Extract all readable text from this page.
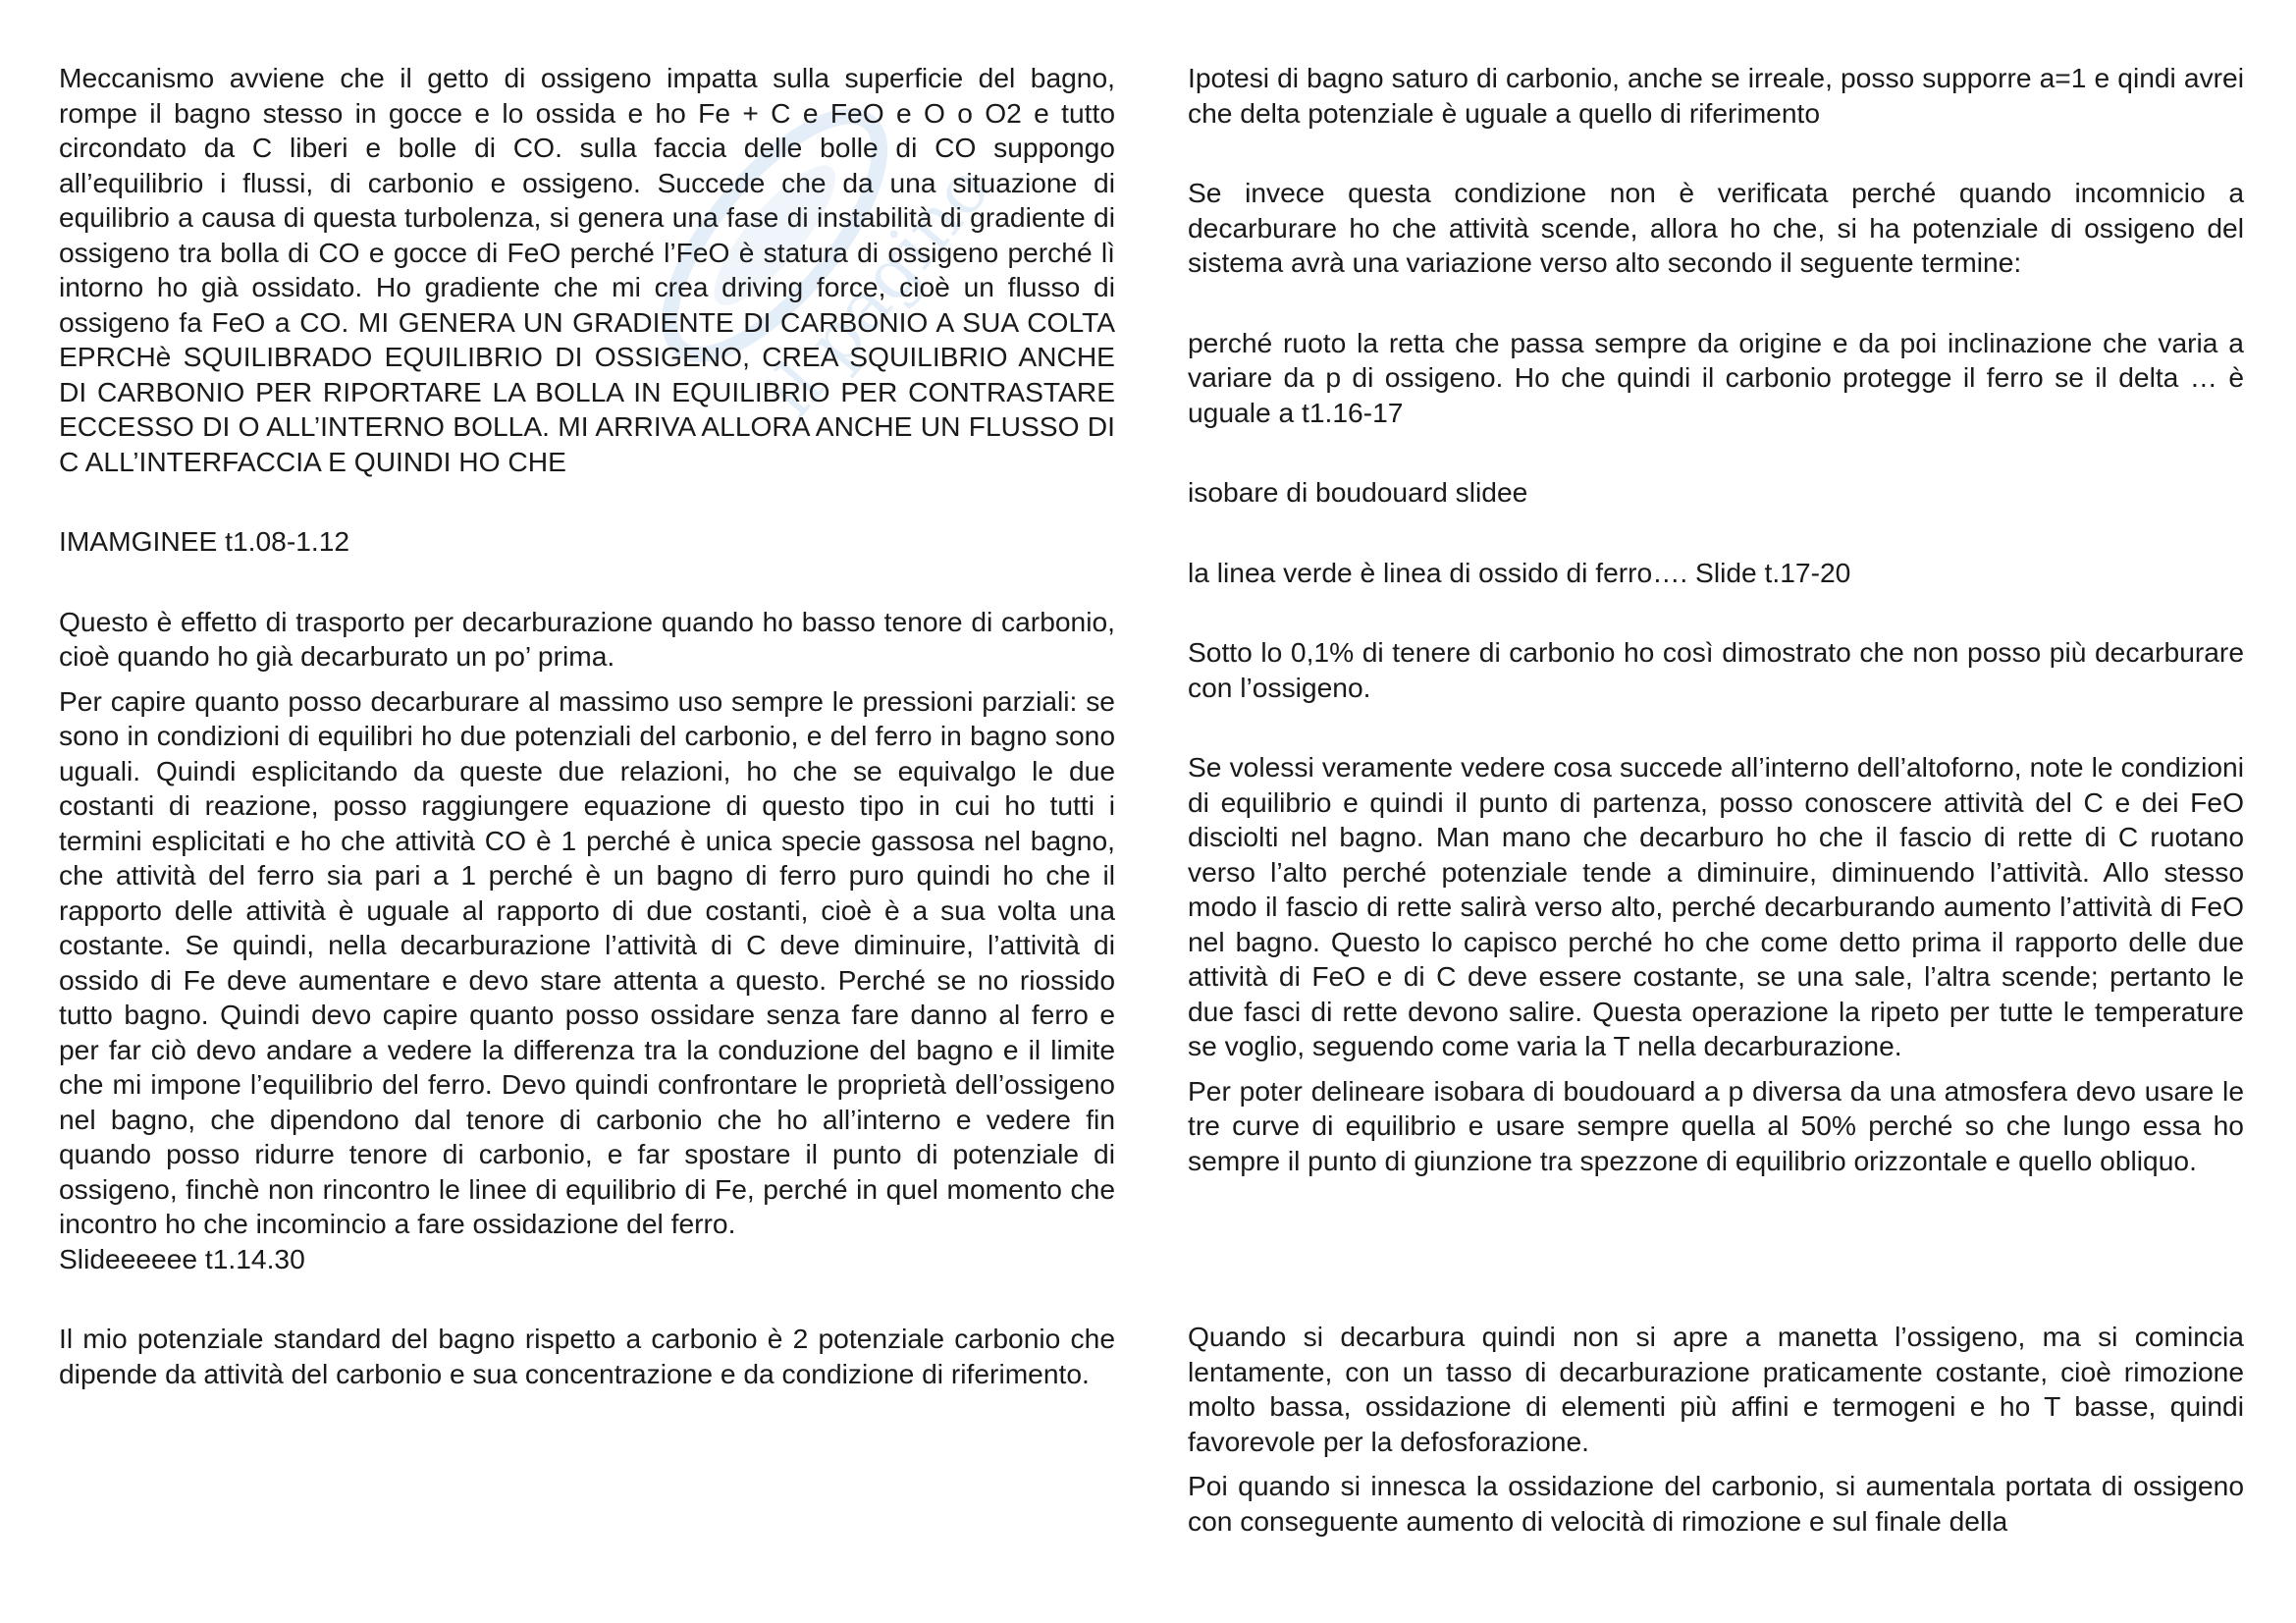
il pagino

Meccanismo avviene che il getto di ossigeno impatta sulla superficie del bagno, rompe il bagno stesso in gocce e lo ossida e ho Fe + C e FeO e O o O2 e tutto circondato da C liberi e bolle di CO. sulla faccia delle bolle di CO suppongo all’equilibrio i flussi, di carbonio e ossigeno. Succede che da una situazione di equilibrio a causa di questa turbolenza, si genera una fase di instabilità di gradiente di ossigeno tra bolla di CO e gocce di FeO perché l’FeO è statura di ossigeno perché lì intorno ho già ossidato. Ho gradiente che mi crea driving force, cioè un flusso di ossigeno fa FeO a CO. MI GENERA UN GRADIENTE DI CARBONIO A SUA COLTA EPRCHè SQUILIBRADO EQUILIBRIO DI OSSIGENO, CREA SQUILIBRIO ANCHE DI CARBONIO PER RIPORTARE LA BOLLA IN EQUILIBRIO PER CONTRASTARE ECCESSO DI O ALL’INTERNO BOLLA. MI ARRIVA ALLORA ANCHE UN FLUSSO DI C ALL’INTERFACCIA E QUINDI HO CHE

IMAMGINEE t1.08-1.12

Questo è effetto di trasporto per decarburazione quando ho basso tenore di carbonio, cioè quando ho già decarburato un po’ prima.

Per capire quanto posso decarburare al massimo uso sempre le pressioni parziali: se sono in condizioni di equilibri ho due potenziali del carbonio, e del ferro in bagno sono uguali. Quindi esplicitando da queste due relazioni, ho che se equivalgo le due costanti di reazione, posso raggiungere equazione di questo tipo in cui ho tutti i termini esplicitati e ho che attività CO è 1 perché è unica specie gassosa nel bagno, che attività del ferro sia pari a 1 perché è un bagno di ferro puro quindi ho che il rapporto delle attività è uguale al rapporto di due costanti, cioè è a sua volta una costante. Se quindi, nella decarburazione l’attività di C deve diminuire, l’attività di ossido di Fe deve aumentare e devo stare attenta a questo. Perché se no riossido tutto bagno. Quindi devo capire quanto posso ossidare senza fare danno al ferro e per far ciò devo andare a vedere la differenza tra la conduzione del bagno e il limite che mi impone l’equilibrio del ferro. Devo quindi confrontare le proprietà dell’ossigeno nel bagno, che dipendono dal tenore di carbonio che ho all’interno e vedere fin quando posso ridurre tenore di carbonio, e far spostare il punto di potenziale di ossigeno, finchè non rincontro le linee di equilibrio di Fe, perché in quel momento che incontro ho che incomincio a fare ossidazione del ferro.

Slideeeeee t1.14.30

Il mio potenziale standard del bagno rispetto a carbonio è 2 potenziale carbonio che dipende da attività del carbonio e sua concentrazione e da condizione di riferimento.

Ipotesi di bagno saturo di carbonio, anche se irreale, posso supporre a=1 e qindi avrei che delta potenziale è uguale a quello di riferimento

Se invece questa condizione non è verificata perché quando incomnicio a decarburare ho che attività scende, allora ho che, si ha potenziale di ossigeno del sistema avrà una variazione verso alto secondo il seguente termine:

perché ruoto la retta che passa sempre da origine e da poi inclinazione che varia a variare da p di ossigeno. Ho che quindi il carbonio protegge il ferro se il delta … è uguale a t1.16-17

isobare di boudouard slidee

la linea verde è linea di ossido di ferro…. Slide t.17-20

Sotto lo 0,1% di tenere di carbonio ho così dimostrato che non posso più decarburare con l’ossigeno.

Se volessi veramente vedere cosa succede all’interno dell’altoforno, note le condizioni di equilibrio e quindi il punto di partenza, posso conoscere attività del C e dei FeO disciolti nel bagno. Man mano che decarburo ho che il fascio di rette di C ruotano verso l’alto perché potenziale tende a diminuire, diminuendo l’attività. Allo stesso modo il fascio di rette salirà verso alto, perché decarburando aumento l’attività di FeO nel bagno. Questo lo capisco perché ho che come detto prima il rapporto delle due attività di FeO e di C deve essere costante, se una sale, l’altra scende; pertanto le due fasci di rette devono salire. Questa operazione la ripeto per tutte le temperature se voglio, seguendo come varia la T nella decarburazione.

Per poter delineare isobara di boudouard a p diversa da una atmosfera devo usare le tre curve di equilibrio e usare sempre quella al 50% perché so che lungo essa ho sempre il punto di giunzione tra spezzone di equilibrio orizzontale e quello obliquo.

Quando si decarbura quindi non si apre a manetta l’ossigeno, ma si comincia lentamente, con un tasso di decarburazione praticamente costante, cioè rimozione molto bassa, ossidazione di elementi più affini e termogeni e ho T basse, quindi favorevole per la defosforazione.

Poi quando si innesca la ossidazione del carbonio, si aumentala portata di ossigeno con conseguente aumento di velocità di rimozione e sul finale della
